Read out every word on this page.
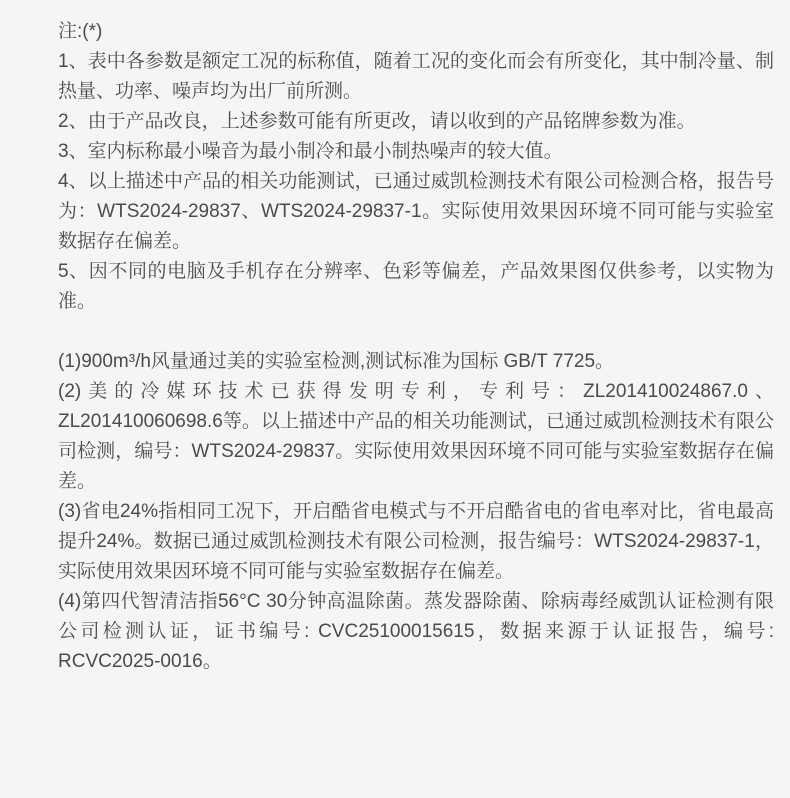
注:(*)

1、表中各参数是额定工况的标称值，随着工况的变化而会有所变化，其中制冷量、制热量、功率、噪声均为出厂前所测。

2、由于产品改良，上述参数可能有所更改，请以收到的产品铭牌参数为准。

3、室内标称最小噪音为最小制冷和最小制热噪声的较大值。

4、以上描述中产品的相关功能测试，已通过威凯检测技术有限公司检测合格，报告号为：WTS2024-29837、WTS2024-29837-1。实际使用效果因环境不同可能与实验室数据存在偏差。

5、因不同的电脑及手机存在分辨率、色彩等偏差，产品效果图仅供参考，以实物为准。

(1)900m³/h风量通过美的实验室检测,测试标准为国标 GB/T 7725。

(2)美的冷媒环技术已获得发明专利，专利号：ZL201410024867.0、ZL201410060698.6等。以上描述中产品的相关功能测试，已通过威凯检测技术有限公司检测，编号：WTS2024-29837。实际使用效果因环境不同可能与实验室数据存在偏差。

(3)省电24%指相同工况下，开启酷省电模式与不开启酷省电的省电率对比，省电最高提升24%。数据已通过威凯检测技术有限公司检测，报告编号：WTS2024-29837-1，实际使用效果因环境不同可能与实验室数据存在偏差。

(4)第四代智清洁指56°C 30分钟高温除菌。蒸发器除菌、除病毒经威凯认证检测有限公司检测认证，证书编号: CVC25100015615，数据来源于认证报告，编号: RCVC2025-0016。
